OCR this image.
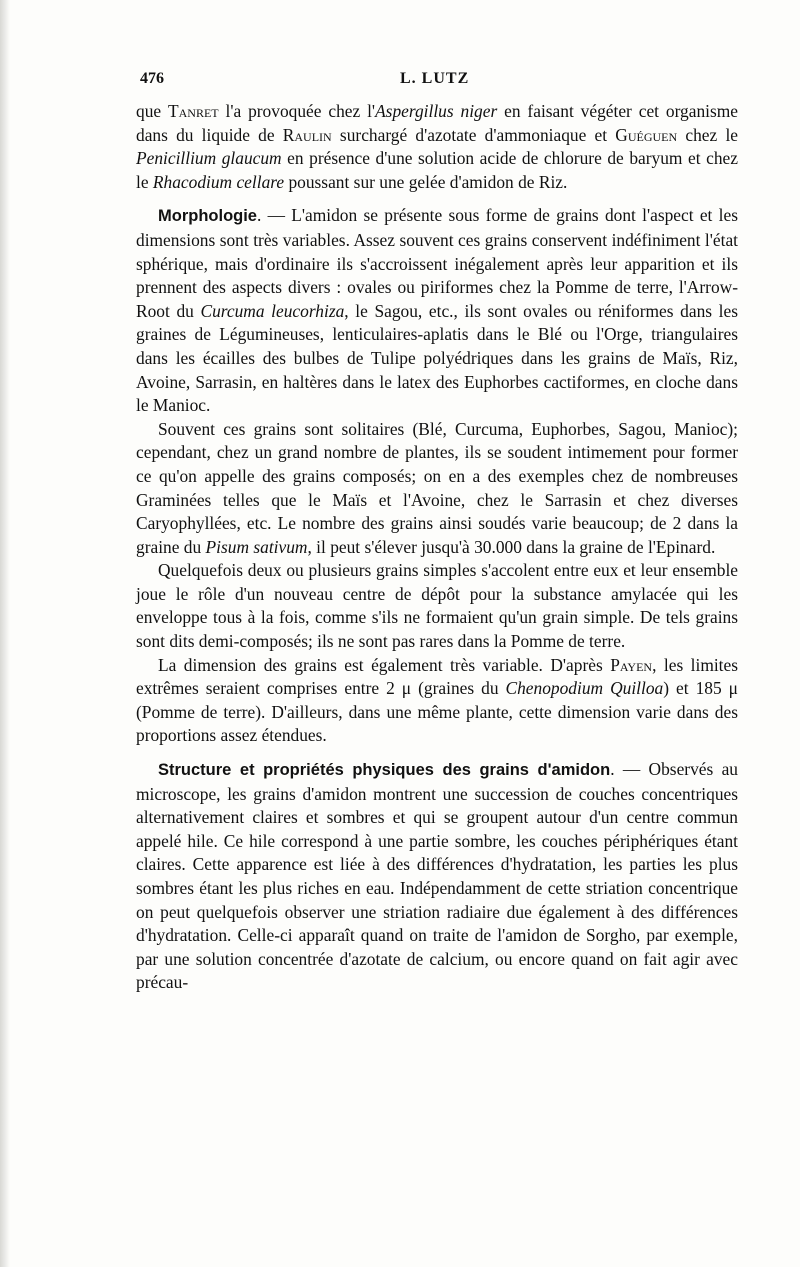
476	L. LUTZ

que Tanret l'a provoquée chez l'Aspergillus niger en faisant végéter cet organisme dans du liquide de Raulin surchargé d'azotate d'ammoniaque et Guéguen chez le Penicillium glaucum en présence d'une solution acide de chlorure de baryum et chez le Rhacodium cellare poussant sur une gelée d'amidon de Riz.

Morphologie. — L'amidon se présente sous forme de grains dont l'aspect et les dimensions sont très variables. Assez souvent ces grains conservent indéfiniment l'état sphérique, mais d'ordinaire ils s'accroissent inégalement après leur apparition et ils prennent des aspects divers : ovales ou piriformes chez la Pomme de terre, l'Arrow-Root du Curcuma leucorhiza, le Sagou, etc., ils sont ovales ou réniformes dans les graines de Légumineuses, lenticulaires-aplatis dans le Blé ou l'Orge, triangulaires dans les écailles des bulbes de Tulipe polyédriques dans les grains de Maïs, Riz, Avoine, Sarrasin, en haltères dans le latex des Euphorbes cactiformes, en cloche dans le Manioc.

Souvent ces grains sont solitaires (Blé, Curcuma, Euphorbes, Sagou, Manioc); cependant, chez un grand nombre de plantes, ils se soudent intimement pour former ce qu'on appelle des grains composés; on en a des exemples chez de nombreuses Graminées telles que le Maïs et l'Avoine, chez le Sarrasin et chez diverses Caryophyllées, etc. Le nombre des grains ainsi soudés varie beaucoup; de 2 dans la graine du Pisum sativum, il peut s'élever jusqu'à 30.000 dans la graine de l'Epinard.

Quelquefois deux ou plusieurs grains simples s'accolent entre eux et leur ensemble joue le rôle d'un nouveau centre de dépôt pour la substance amylacée qui les enveloppe tous à la fois, comme s'ils ne formaient qu'un grain simple. De tels grains sont dits demi-composés; ils ne sont pas rares dans la Pomme de terre.

La dimension des grains est également très variable. D'après Payen, les limites extrêmes seraient comprises entre 2 μ (graines du Chenopodium Quilloa) et 185 μ (Pomme de terre). D'ailleurs, dans une même plante, cette dimension varie dans des proportions assez étendues.

Structure et propriétés physiques des grains d'amidon. — Observés au microscope, les grains d'amidon montrent une succession de couches concentriques alternativement claires et sombres et qui se groupent autour d'un centre commun appelé hile. Ce hile correspond à une partie sombre, les couches périphériques étant claires. Cette apparence est liée à des différences d'hydratation, les parties les plus sombres étant les plus riches en eau. Indépendamment de cette striation concentrique on peut quelquefois observer une striation radiaire due également à des différences d'hydratation. Celle-ci apparaît quand on traite de l'amidon de Sorgho, par exemple, par une solution concentrée d'azotate de calcium, ou encore quand on fait agir avec précau-
